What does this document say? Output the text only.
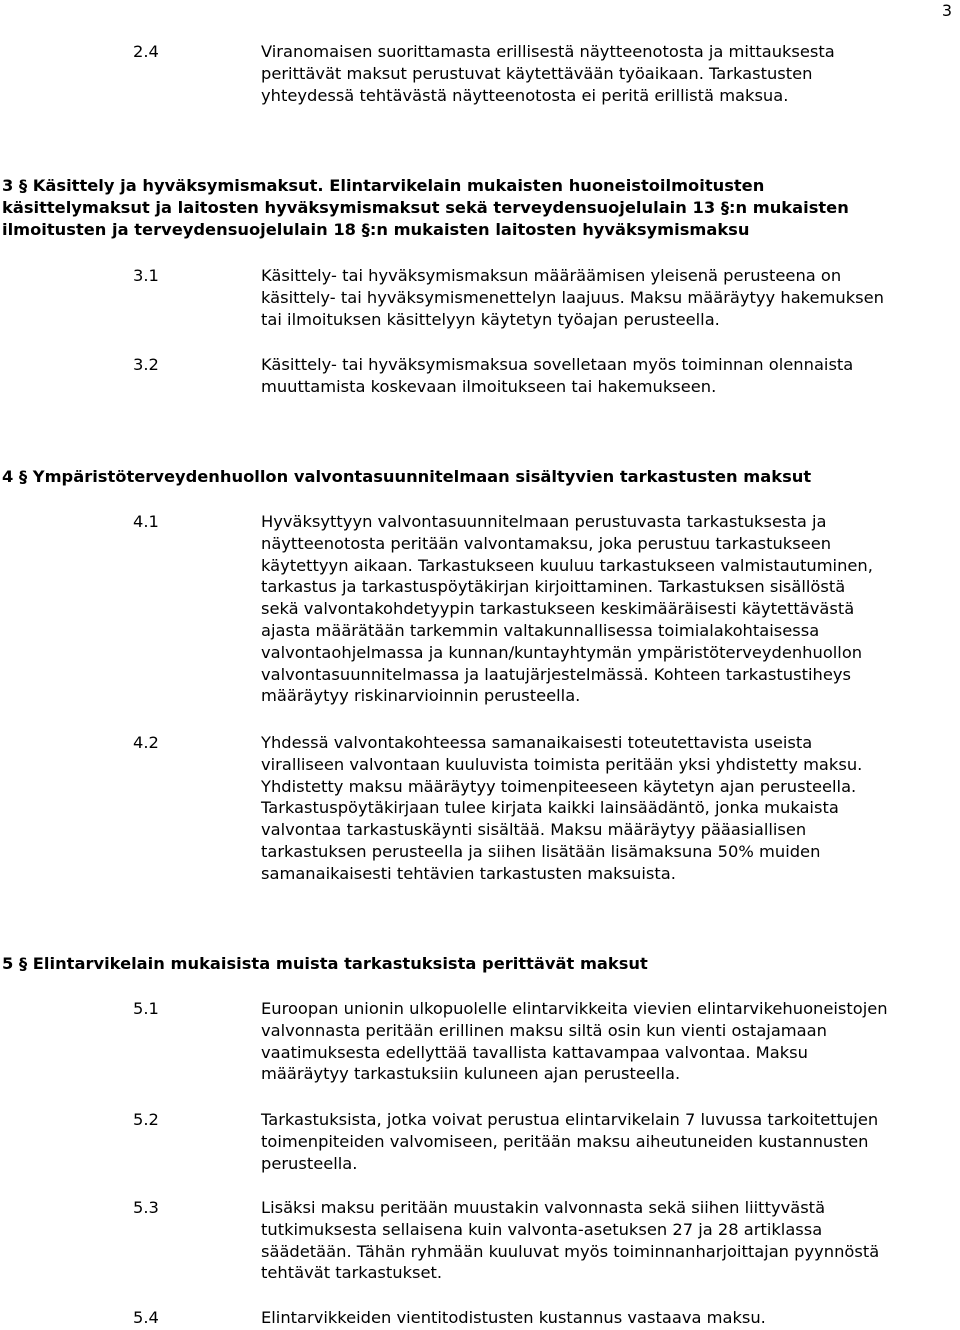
3
2.4	Viranomaisen suorittamasta erillisestä näytteenotosta ja mittauksesta
perittävät maksut perustuvat käytettävään työaikaan. Tarkastusten
yhteydessä tehtävästä näytteenotosta ei peritä erillistä maksua.
3 § Käsittely ja hyväksymismaksut. Elintarvikelain mukaisten huoneistoilmoitusten
käsittelymaksut ja laitosten hyväksymismaksut sekä terveydensuojelulain 13 §:n mukaisten
ilmoitusten ja terveydensuojelulain 18 §:n mukaisten laitosten hyväksymismaksu
3.1	Käsittely- tai hyväksymismaksun määräämisen yleisenä perusteena on
käsittely- tai hyväksymismenettelyn laajuus. Maksu määräytyy hakemuksen
tai ilmoituksen käsittelyyn käytetyn työajan perusteella.
3.2	Käsittely- tai hyväksymismaksua sovelletaan myös toiminnan olennaista
muuttamista koskevaan ilmoitukseen tai hakemukseen.
4 § Ympäristöterveydenhuollon valvontasuunnitelmaan sisältyvien tarkastusten maksut
4.1	Hyväksyttyyn valvontasuunnitelmaan perustuvasta tarkastuksesta ja
näytteenotosta peritään valvontamaksu, joka perustuu tarkastukseen
käytettyyn aikaan. Tarkastukseen kuuluu tarkastukseen valmistautuminen,
tarkastus ja tarkastuspöytäkirjan kirjoittaminen. Tarkastuksen sisällöstä
sekä valvontakohdetyypin tarkastukseen keskimääräisesti käytettävästä
ajasta määrätään tarkemmin valtakunnallisessa toimialakohtaisessa
valvontaohjelmassa ja kunnan/kuntayhtymän ympäristöterveydenhuollon
valvontasuunnitelmassa ja laatujärjestelmässä. Kohteen tarkastustiheys
määräytyy riskinarvioinnin perusteella.
4.2	Yhdessä valvontakohteessa samanaikaisesti toteutettavista useista
viralliseen valvontaan kuuluvista toimista peritään yksi yhdistetty maksu.
Yhdistetty maksu määräytyy toimenpiteeseen käytetyn ajan perusteella.
Tarkastuspöytäkirjaan tulee kirjata kaikki lainsäädäntö, jonka mukaista
valvontaa tarkastuskäynti sisältää. Maksu määräytyy pääasiallisen
tarkastuksen perusteella ja siihen lisätään lisämaksuna 50% muiden
samanaikaisesti tehtävien tarkastusten maksuista.
5 § Elintarvikelain mukaisista muista tarkastuksista perittävät maksut
5.1	Euroopan unionin ulkopuolelle elintarvikkeita vievien elintarvikehuoneistojen
valvonnasta peritään erillinen maksu siltä osin kun vienti ostajamaan
vaatimuksesta edellyttää tavallista kattavampaa valvontaa. Maksu
määräytyy tarkastuksiin kuluneen ajan perusteella.
5.2	Tarkastuksista, jotka voivat perustua elintarvikelain 7 luvussa tarkoitettujen
toimenpiteiden valvomiseen, peritään maksu aiheutuneiden kustannusten
perusteella.
5.3	Lisäksi maksu peritään muustakin valvonnasta sekä siihen liittyvästä
tutkimuksesta sellaisena kuin valvonta-asetuksen 27 ja 28 artiklassa
säädetään. Tähän ryhmään kuuluvat myös toiminnanharjoittajan pyynnöstä
tehtävät tarkastukset.
5.4	Elintarvikkeiden vientitodistusten kustannus vastaava maksu.
